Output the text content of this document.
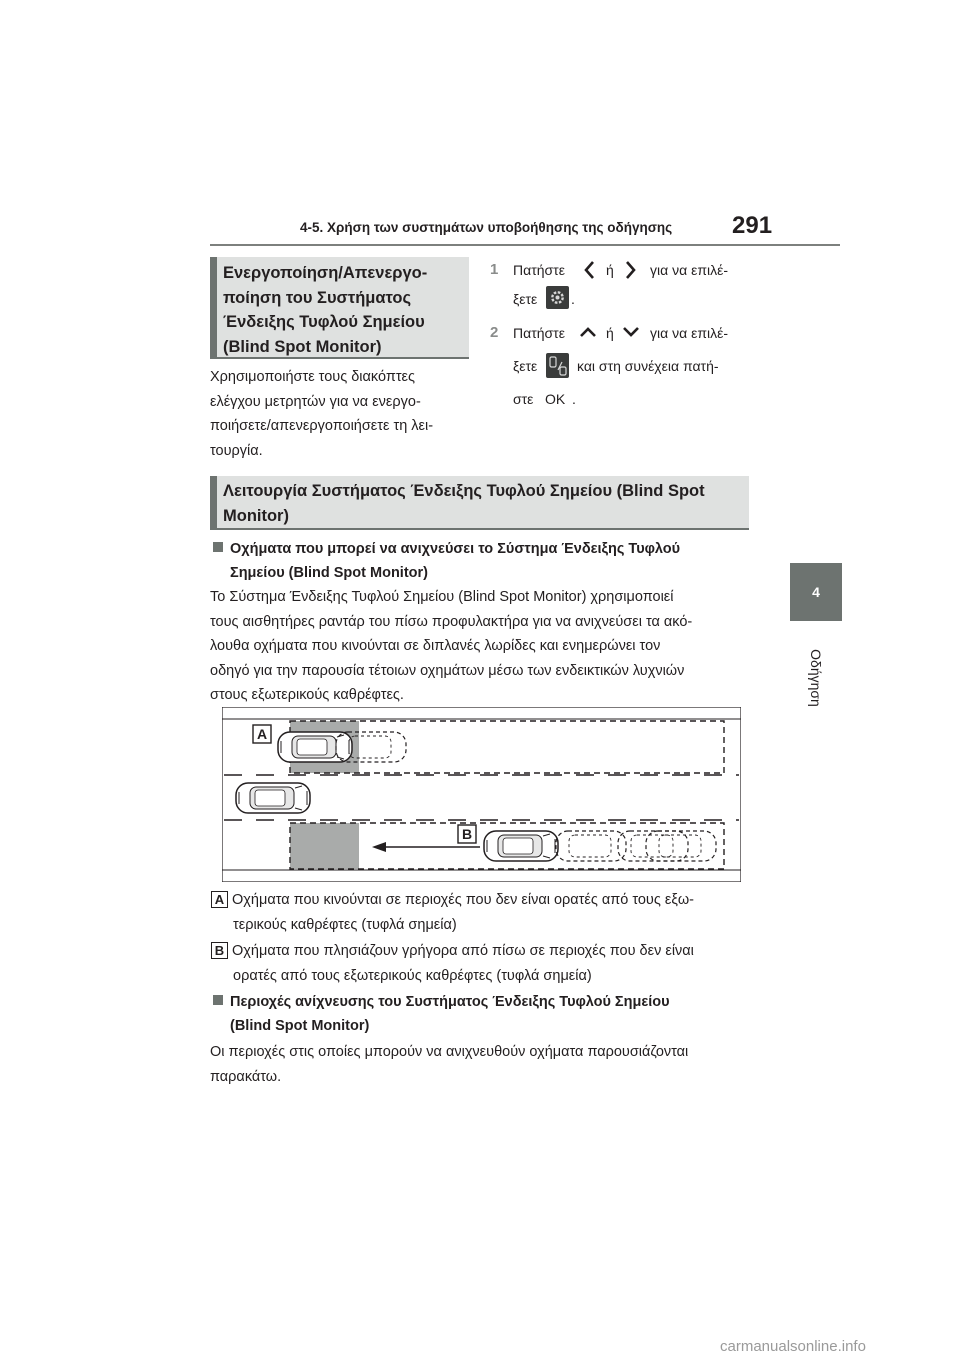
4-5. Χρήση των συστημάτων υποβοήθησης της οδήγησης 291
4
Οδήγηση
Ενεργοποίηση/Απενεργο-
ποίηση του Συστήματος
Ένδειξης Τυφλού Σημείου
(Blind Spot Monitor)
Χρησιμοποιήστε τους διακόπτες
ελέγχου μετρητών για να ενεργο-
ποιήσετε/απενεργοποιήσετε τη λει-
τουργία.
1 Πατήστε	ή	για να επιλέ-
ξετε .
2 Πατήστε	ή	για να επιλέ-
ξετε	και στη συνέχεια πατή-
στε OK .
Λειτουργία Συστήματος Ένδειξης Τυφλού Σημείου (Blind Spot
Monitor)
Οχήματα που μπορεί να ανιχνεύσει το Σύστημα Ένδειξης Τυφλού
Σημείου (Blind Spot Monitor)
Το Σύστημα Ένδειξης Τυφλού Σημείου (Blind Spot Monitor) χρησιμοποιεί
τους αισθητήρες ραντάρ του πίσω προφυλακτήρα για να ανιχνεύσει τα ακό-
λουθα οχήματα που κινούνται σε διπλανές λωρίδες και ενημερώνει τον
οδηγό για την παρουσία τέτοιων οχημάτων μέσω των ενδεικτικών λυχνιών
στους εξωτερικούς καθρέφτες.
A
B
A Οχήματα που κινούνται σε περιοχές που δεν είναι ορατές από τους εξω-
τερικούς καθρέφτες (τυφλά σημεία)
B Οχήματα που πλησιάζουν γρήγορα από πίσω σε περιοχές που δεν είναι
ορατές από τους εξωτερικούς καθρέφτες (τυφλά σημεία)
Περιοχές ανίχνευσης του Συστήματος Ένδειξης Τυφλού Σημείου
(Blind Spot Monitor)
Οι περιοχές στις οποίες μπορούν να ανιχνευθούν οχήματα παρουσιάζονται
παρακάτω.
carmanualsonline.info
